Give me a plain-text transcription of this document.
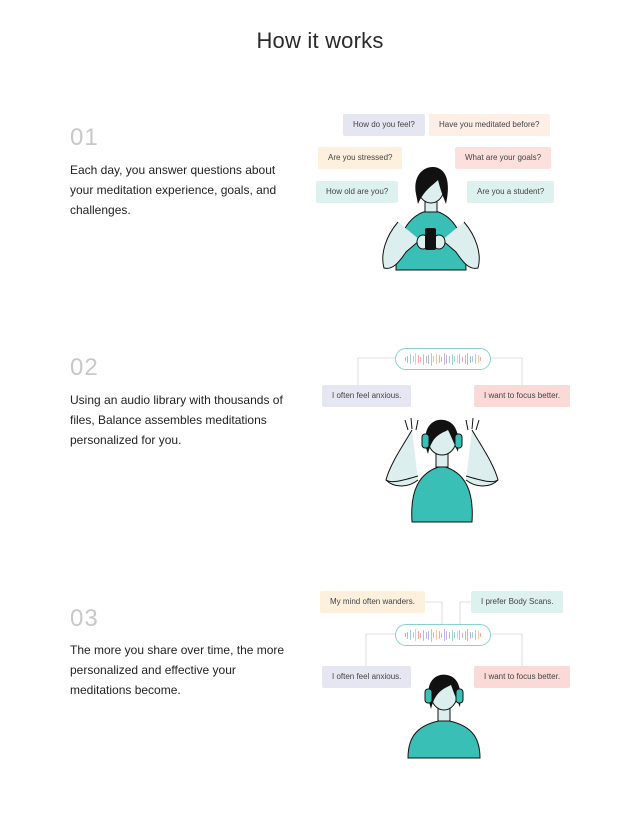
How it works
01
Each day, you answer questions about your meditation experience, goals, and challenges.
How do you feel?	Have you meditated before?
Are you stressed?	What are your goals?
How old are you?	Are you a student?
02
Using an audio library with thousands of files, Balance assembles meditations personalized for you.
I often feel anxious.	I want to focus better.
03
The more you share over time, the more personalized and effective your meditations become.
My mind often wanders.	I prefer Body Scans.
I often feel anxious.	I want to focus better.
